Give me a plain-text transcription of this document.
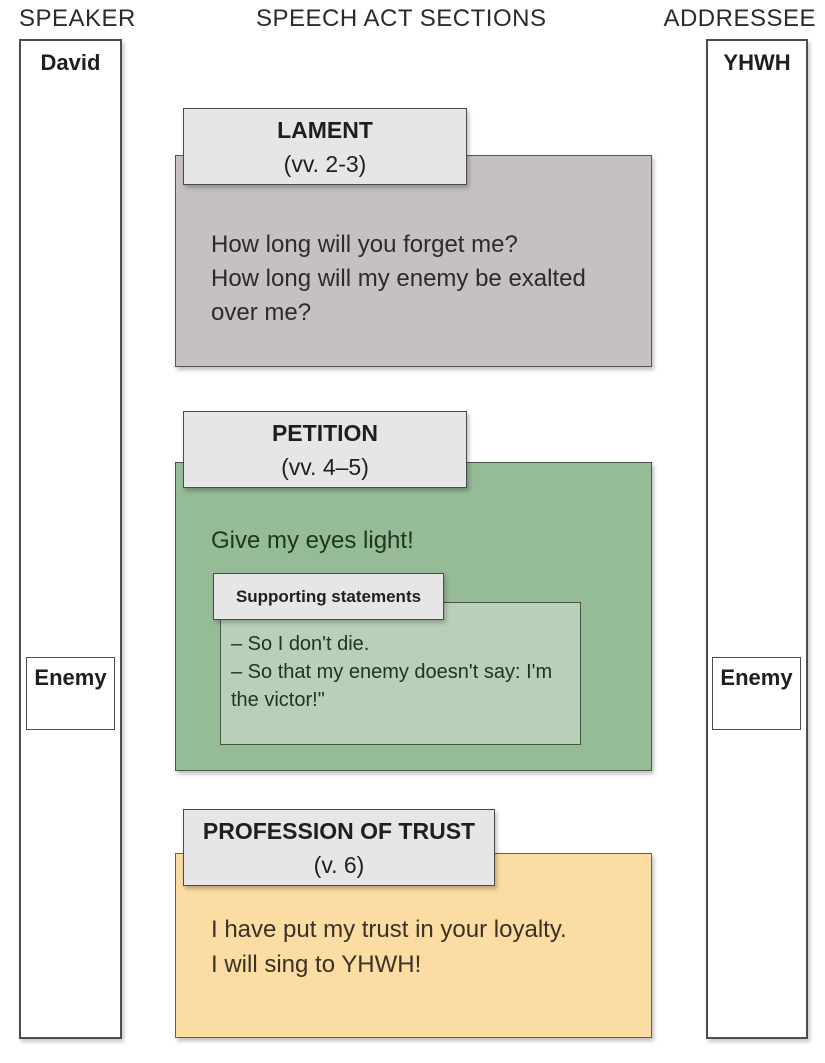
SPEAKER	SPEECH ACT SECTIONS	ADDRESSEE
David
Enemy
YHWH
Enemy
LAMENT
(vv. 2-3)
How long will you forget me?
How long will my enemy be exalted
over me?
PETITION
(vv. 4–5)
Give my eyes light!
Supporting statements
– So I don't die.
– So that my enemy doesn't say: I'm
the victor!"
PROFESSION OF TRUST
(v. 6)
I have put my trust in your loyalty.
I will sing to YHWH!
